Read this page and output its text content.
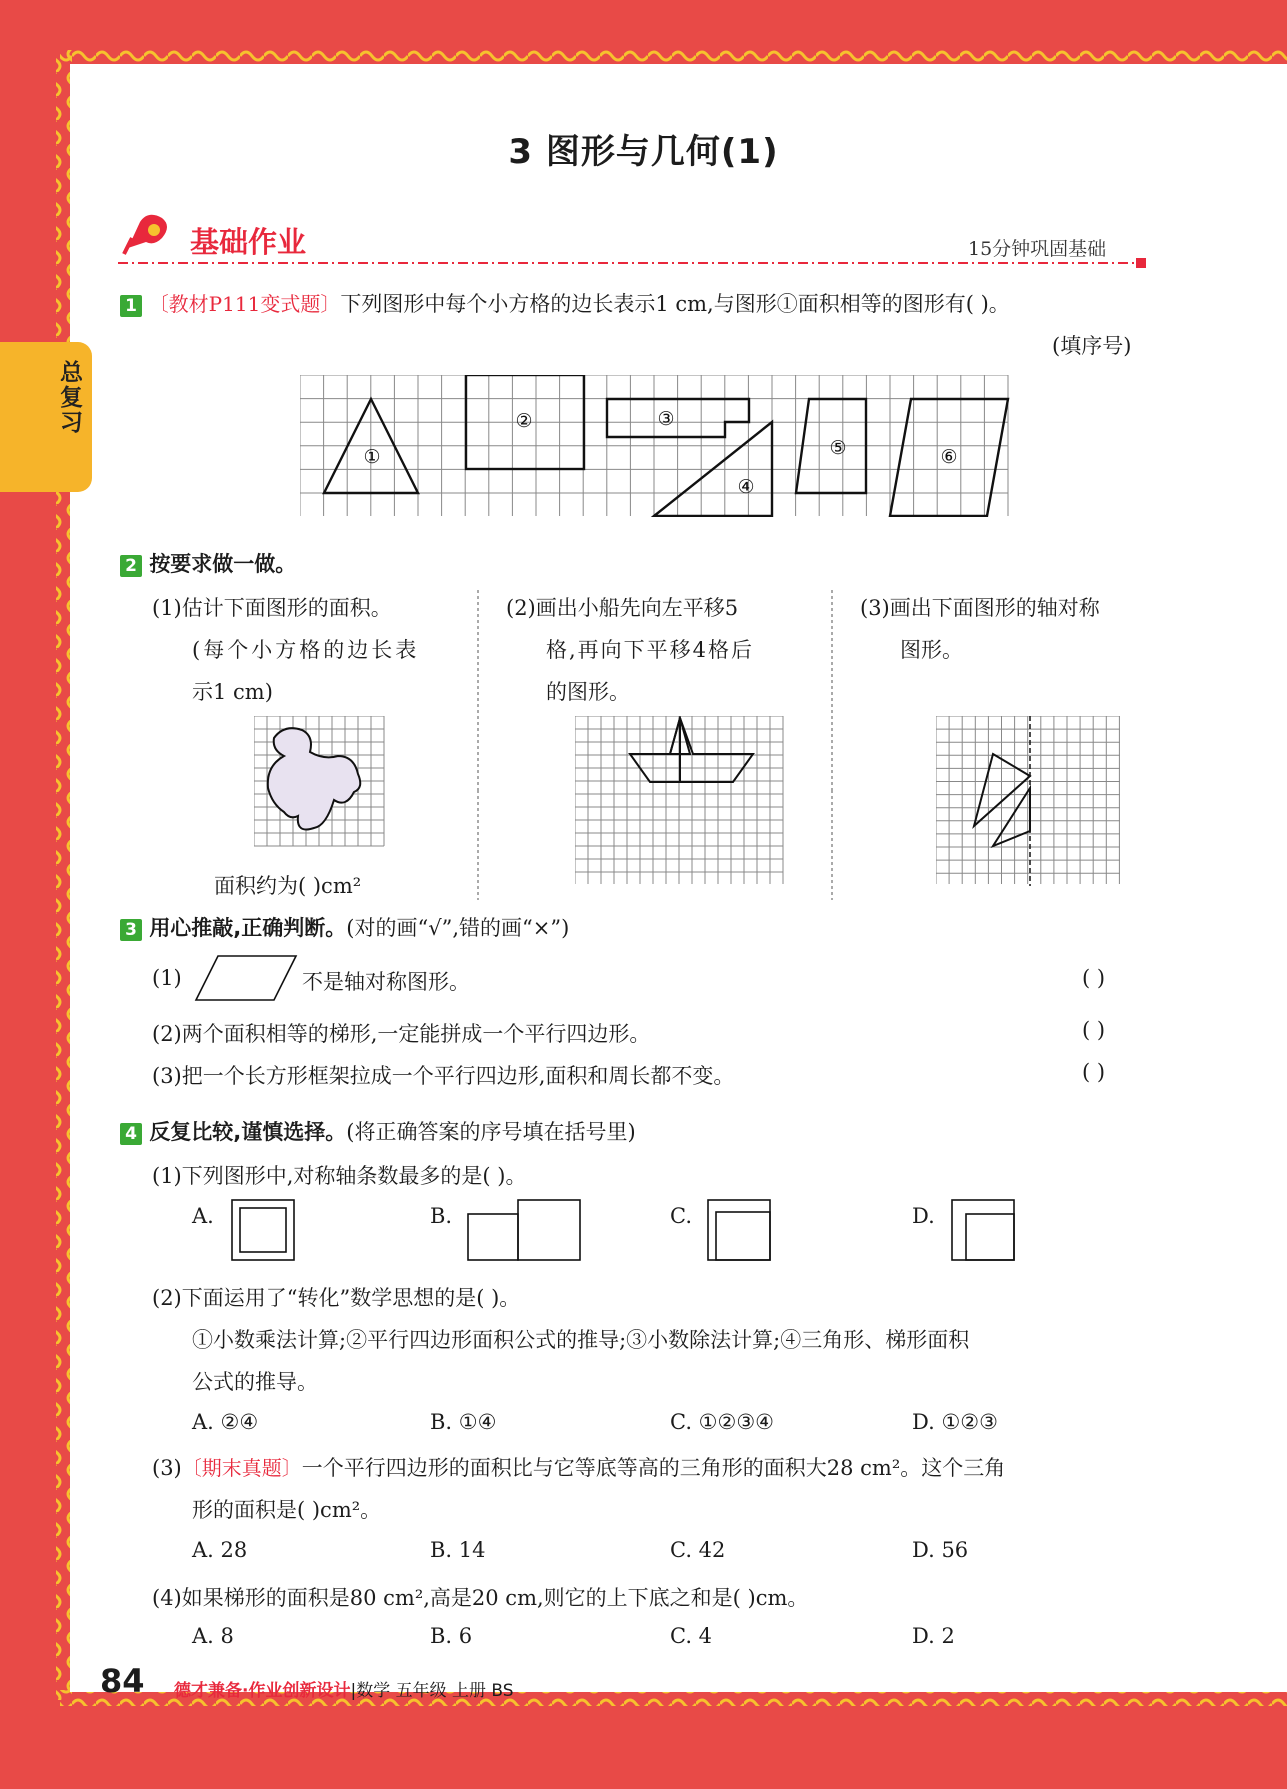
总复习
3 图形与几何(1)
基础作业	15分钟巩固基础
1 〔教材P111变式题〕下列图形中每个小方格的边长表示1 cm,与图形①面积相等的图形有( )。
(填序号)
①
②	③
④
⑤	⑥
2 按要求做一做。
(1)估计下面图形的面积。
(每个小方格的边长表
示1 cm)
面积约为( )cm²
(2)画出小船先向左平移5
格,再向下平移4格后
的图形。
(3)画出下面图形的轴对称
图形。
3 用心推敲,正确判断。(对的画“√”,错的画“×”)
(1)	不是轴对称图形。	( )
(2)两个面积相等的梯形,一定能拼成一个平行四边形。	( )
(3)把一个长方形框架拉成一个平行四边形,面积和周长都不变。	( )
4 反复比较,谨慎选择。(将正确答案的序号填在括号里)
(1)下列图形中,对称轴条数最多的是( )。
A.	B.	C.	D.
(2)下面运用了“转化”数学思想的是( )。
①小数乘法计算;②平行四边形面积公式的推导;③小数除法计算;④三角形、梯形面积
公式的推导。
A. ②④	B. ①④	C. ①②③④	D. ①②③
(3)〔期末真题〕一个平行四边形的面积比与它等底等高的三角形的面积大28 cm²。这个三角
形的面积是( )cm²。
A. 28	B. 14	C. 42	D. 56
(4)如果梯形的面积是80 cm²,高是20 cm,则它的上下底之和是( )cm。
A. 8	B. 6	C. 4	D. 2
84 德才兼备·作业创新设计|数学 五年级 上册 BS
